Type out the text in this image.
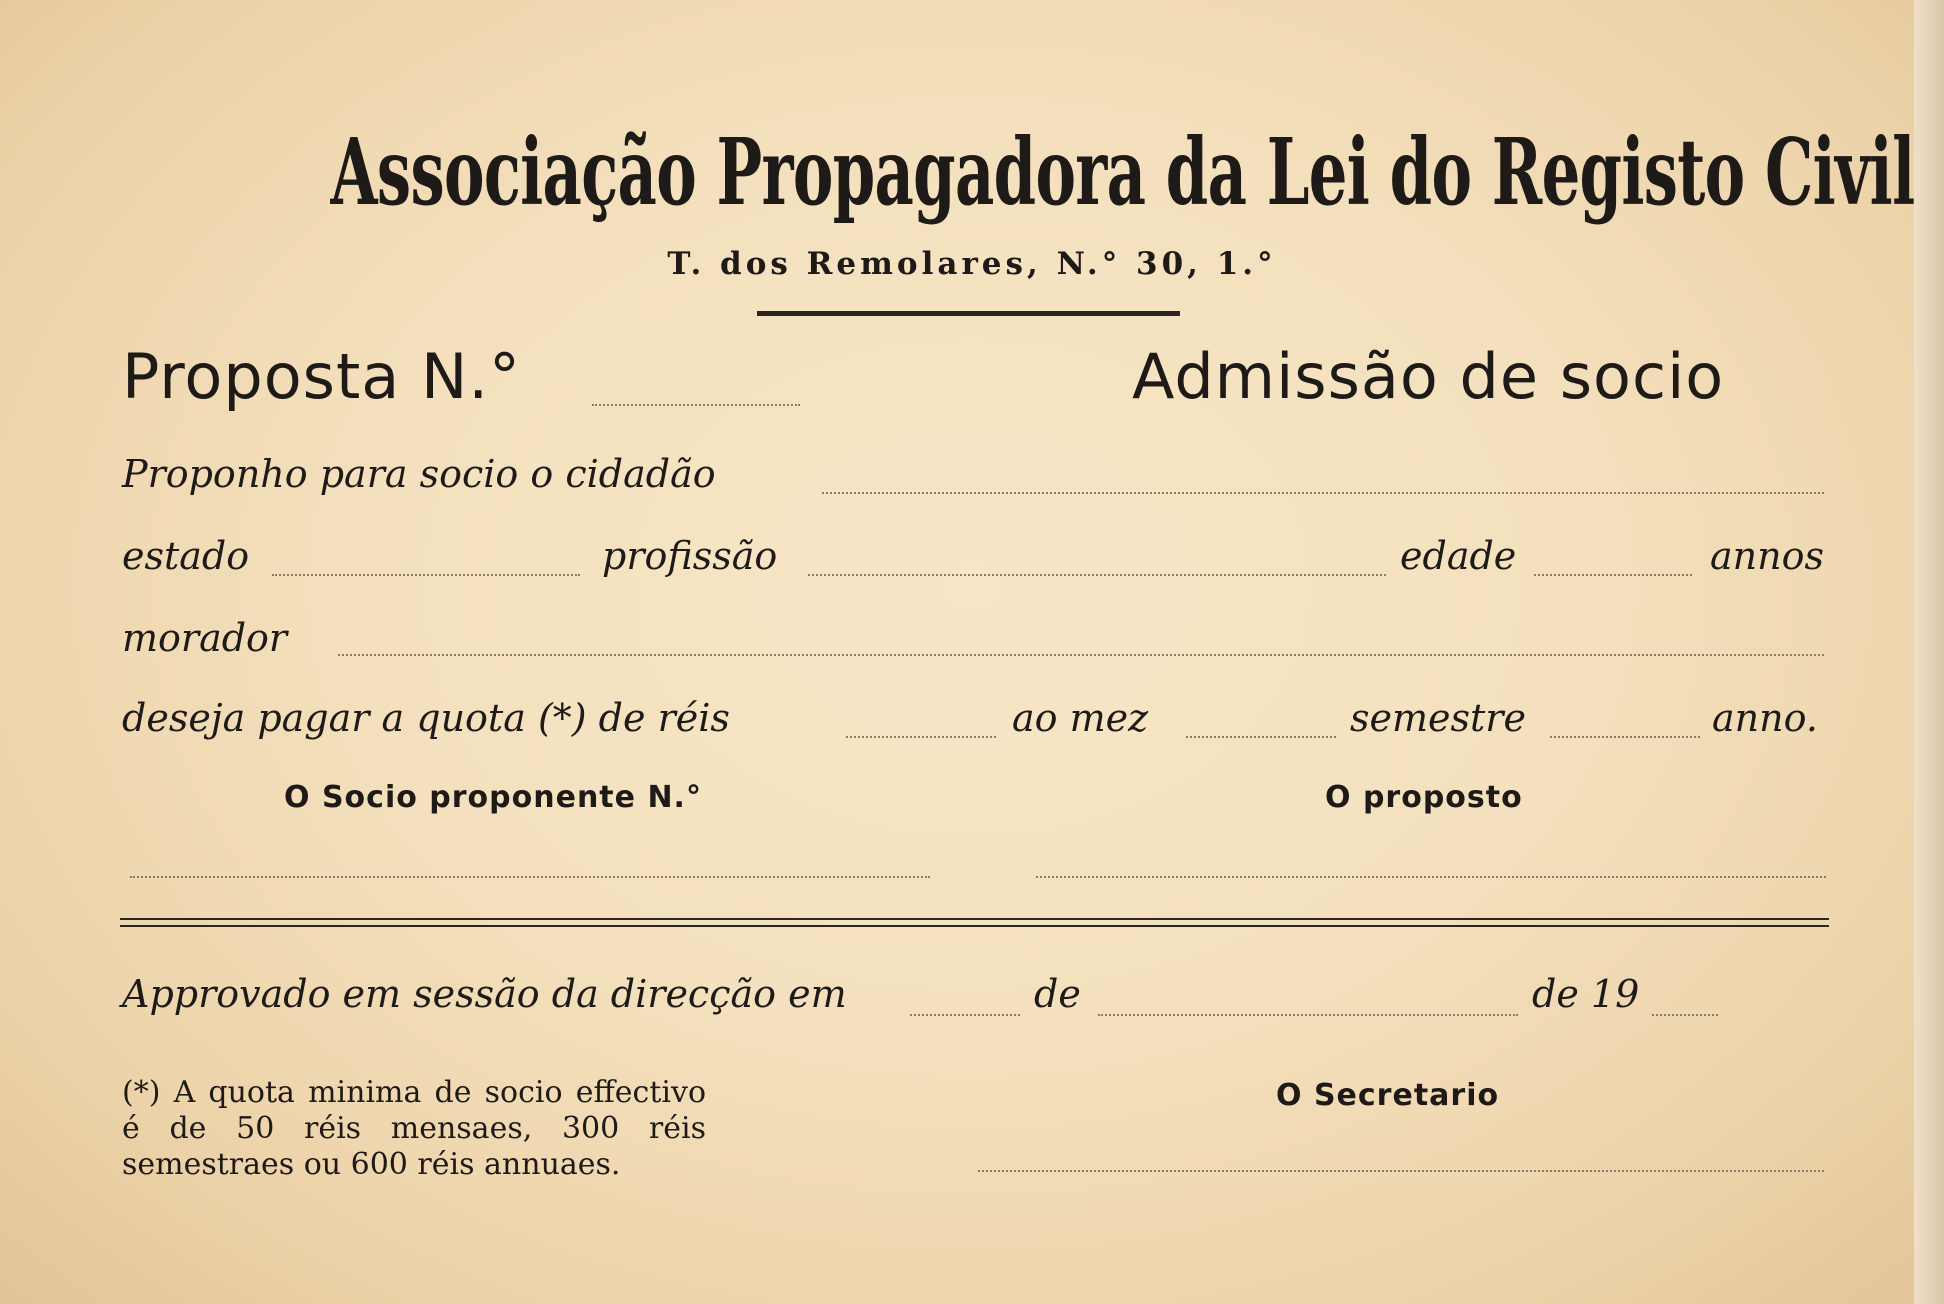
Associação Propagadora da Lei do Registo Civil
T. dos Remolares, N.° 30, 1.°
Proposta N.°	Admissão de socio
Proponho para socio o cidadão
estado	profissão	edade	annos
morador
deseja pagar a quota (*) de réis	ao mez	semestre	anno.
O Socio proponente N.°	O proposto
Approvado em sessão da direcção em	de	de 19
(*) A quota minima de socio effectivo é de 50 réis mensaes, 300 réis semestraes ou 600 réis annuaes.
O Secretario
